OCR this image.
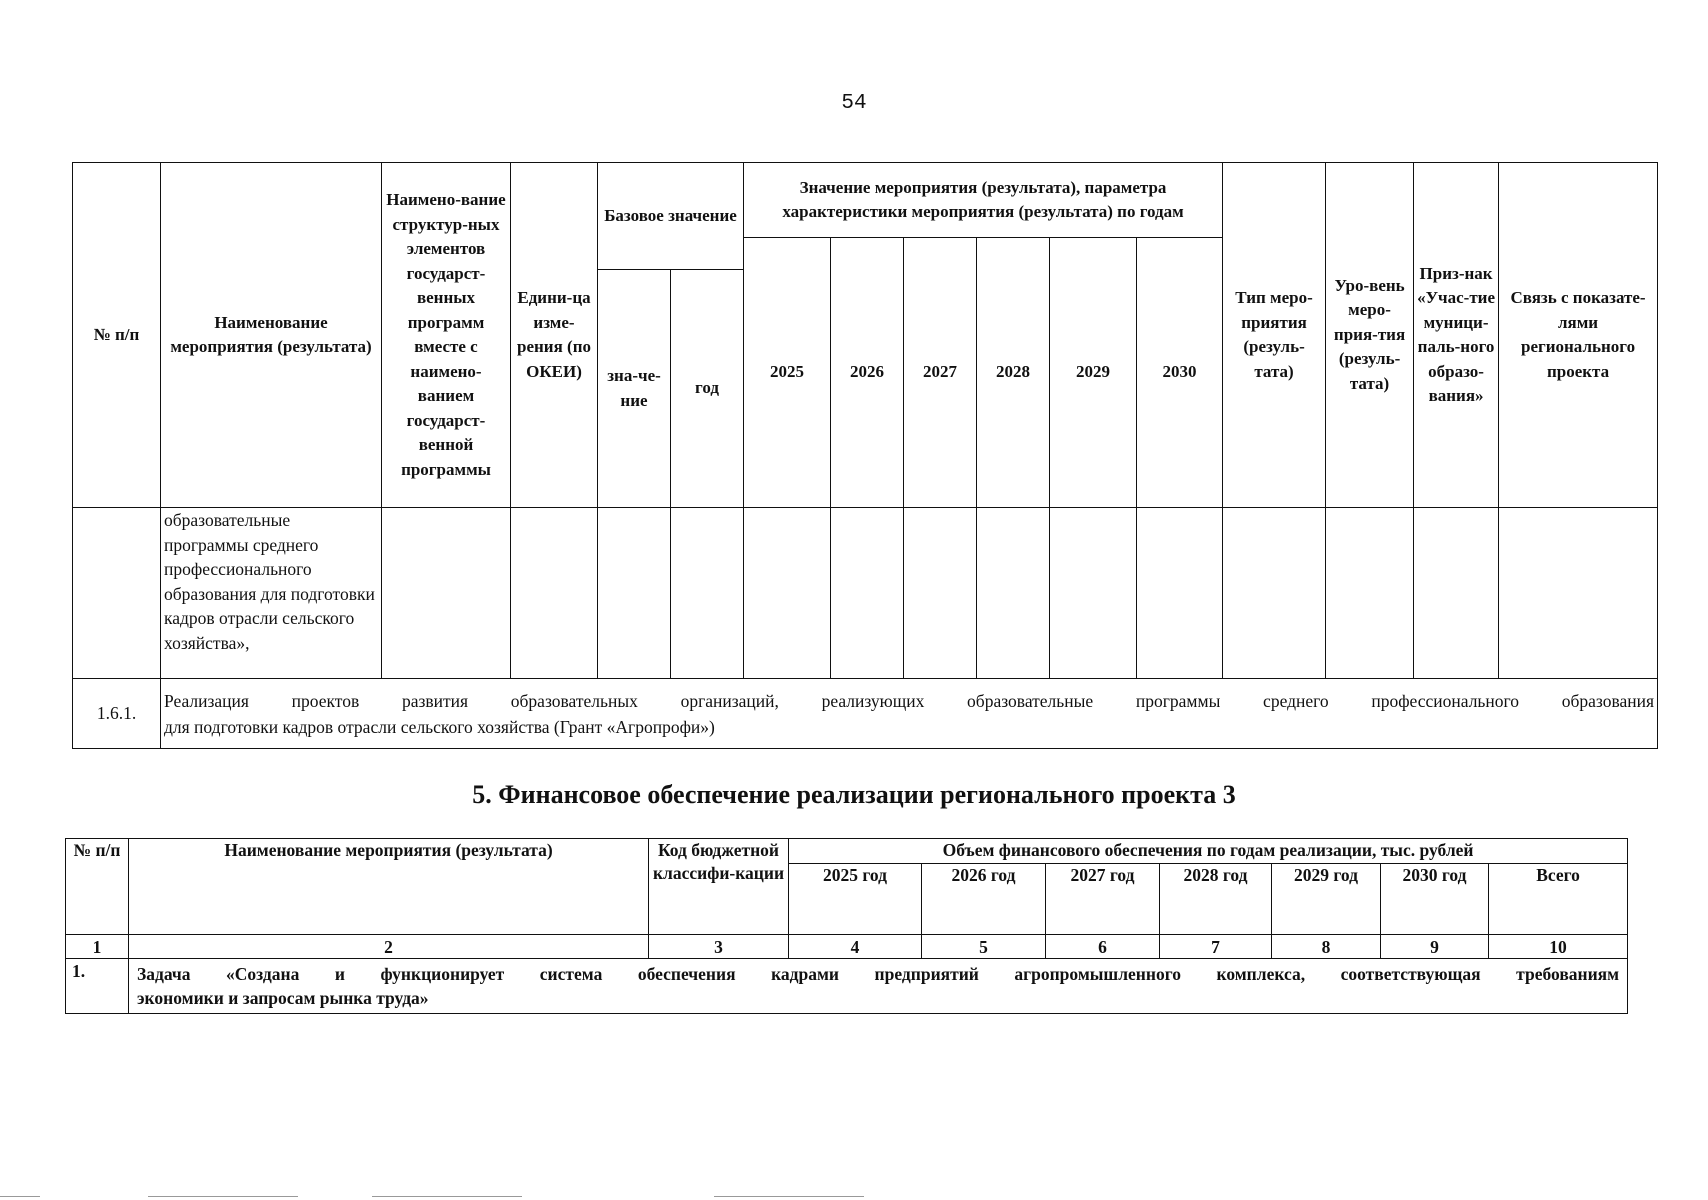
54
№ п/п	Наименование мероприятия (результата)	Наимено-вание структур-ных элементов государст-венных программ вместе с наимено-ванием государст-венной программы	Едини-ца изме-рения (по ОКЕИ)	Базовое значение		Значение мероприятия (результата), параметра характеристики мероприятия (результата) по годам						Тип меро-приятия (резуль-тата)	Уро-вень меро-прия-тия (резуль-тата)	Приз-нак «Учас-тие муници-паль-ного образо-вания»	Связь с показате-лями регионального проекта
						2025	2026	2027	2028	2029	2030				
				зна-че-ние	год										
	образовательные программы среднего профессионального образования для подготовки кадров отрасли сельского хозяйства»,														
1.6.1.	Реализация проектов развития образовательных организаций, реализующих образовательные программы среднего профессионального образования
для подготовки кадров отрасли сельского хозяйства (Грант «Агропрофи»)														
5. Финансовое обеспечение реализации регионального проекта 3
№ п/п	Наименование мероприятия (результата)	Код бюджетной классифи-кации	Объем финансового обеспечения по годам реализации, тыс. рублей						
			2025 год	2026 год	2027 год	2028 год	2029 год	2030 год	Всего
1	2	3	4	5	6	7	8	9	10
1.	Задача «Создана и функционирует система обеспечения кадрами предприятий агропромышленного комплекса, соответствующая требованиям
экономики и запросам рынка труда»								
